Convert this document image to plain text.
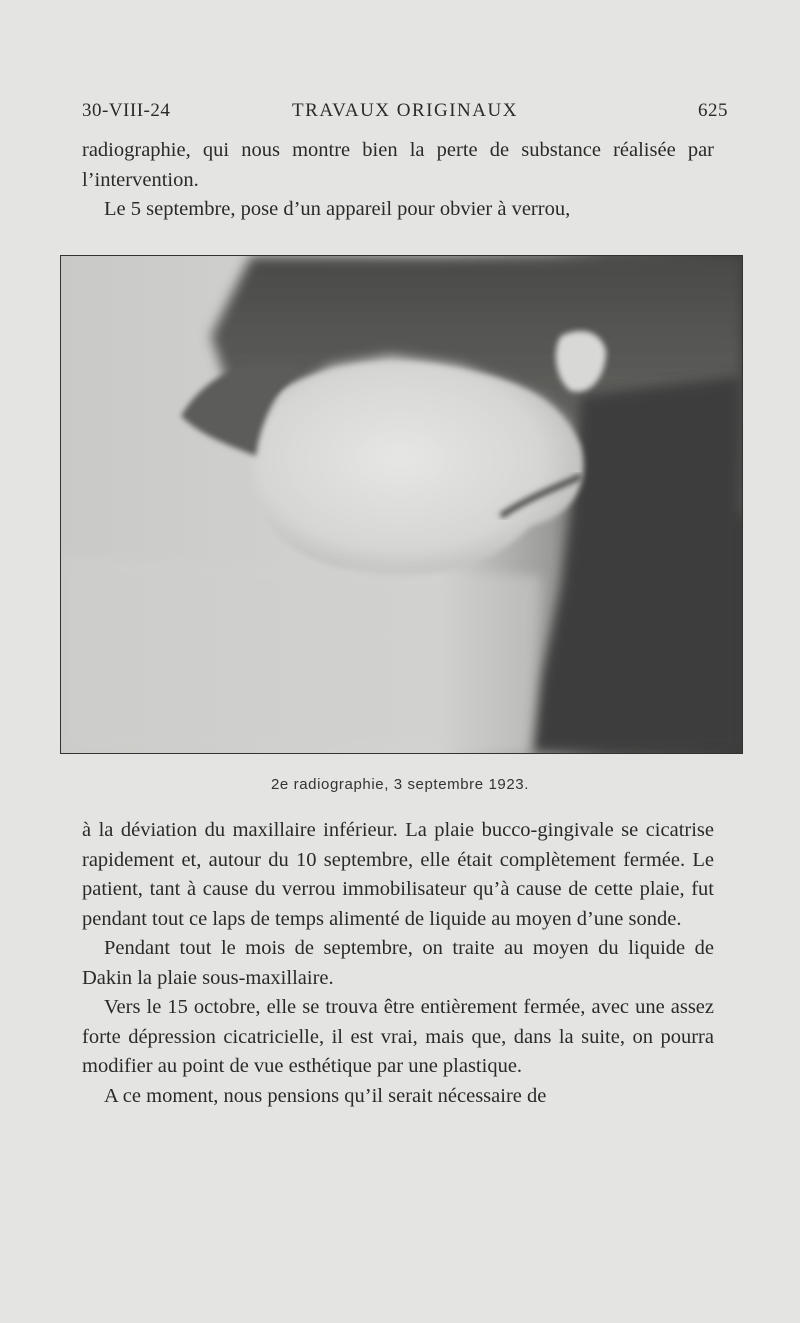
30-VIII-24	TRAVAUX ORIGINAUX	625

radiographie, qui nous montre bien la perte de substance réalisée par l’intervention.

Le 5 septembre, pose d’un appareil pour obvier à verrou,

2e radiographie, 3 septembre 1923.

à la déviation du maxillaire inférieur. La plaie bucco-gingivale se cicatrise rapidement et, autour du 10 septembre, elle était complètement fermée. Le patient, tant à cause du verrou immobilisateur qu’à cause de cette plaie, fut pendant tout ce laps de temps alimenté de liquide au moyen d’une sonde.

Pendant tout le mois de septembre, on traite au moyen du liquide de Dakin la plaie sous-maxillaire.

Vers le 15 octobre, elle se trouva être entièrement fermée, avec une assez forte dépression cicatricielle, il est vrai, mais que, dans la suite, on pourra modifier au point de vue esthétique par une plastique.

A ce moment, nous pensions qu’il serait nécessaire de
